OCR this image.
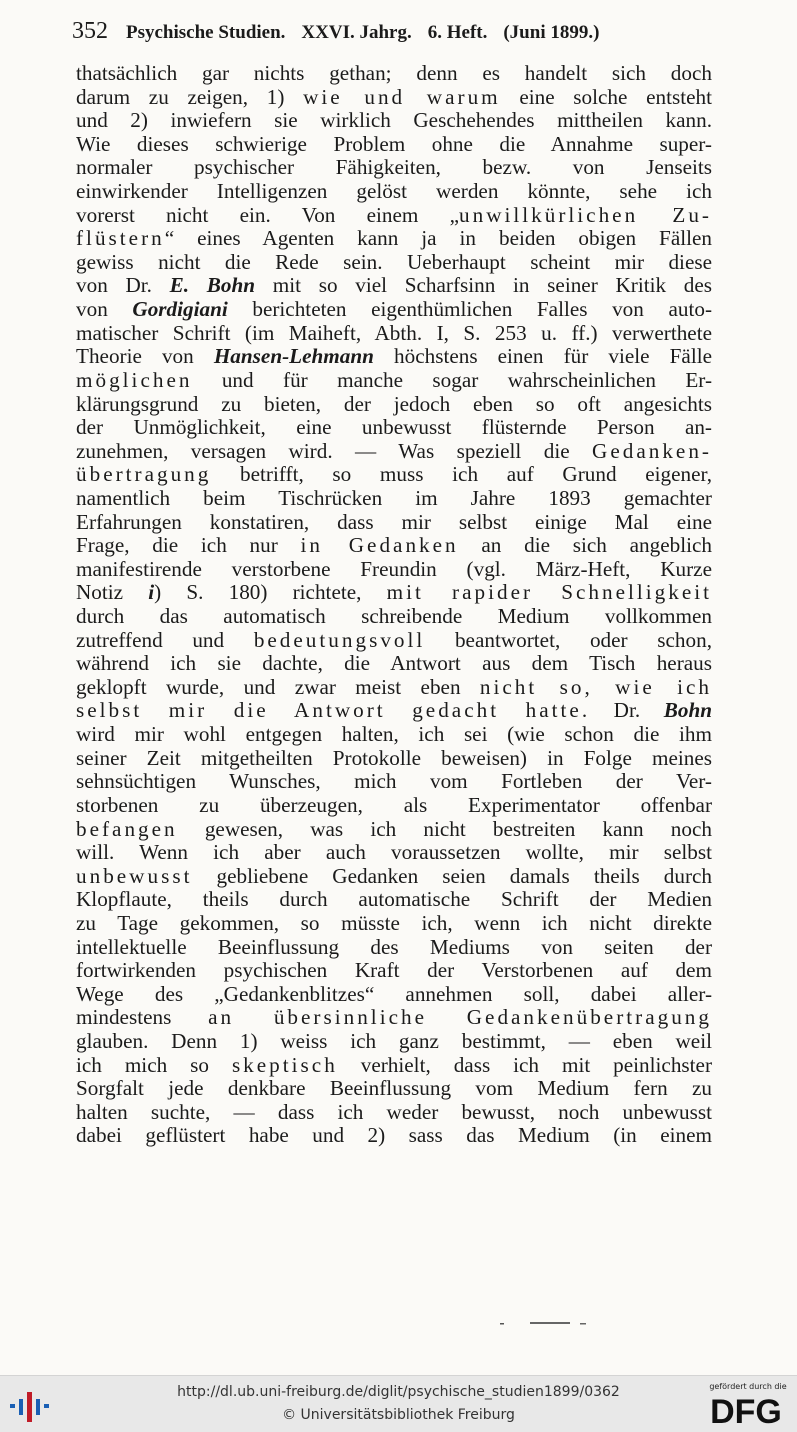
352 Psychische Studien. XXVI. Jahrg. 6. Heft. (Juni 1899.)
thatsächlich gar nichts gethan; denn es handelt sich doch
darum zu zeigen, 1) wie und warum eine solche entsteht
und 2) inwiefern sie wirklich Geschehendes mittheilen kann.
Wie dieses schwierige Problem ohne die Annahme super-
normaler psychischer Fähigkeiten, bezw. von Jenseits
einwirkender Intelligenzen gelöst werden könnte, sehe ich
vorerst nicht ein. Von einem „unwillkürlichen Zu-
flüstern“ eines Agenten kann ja in beiden obigen Fällen
gewiss nicht die Rede sein. Ueberhaupt scheint mir diese
von Dr. E. Bohn mit so viel Scharfsinn in seiner Kritik des
von Gordigiani berichteten eigenthümlichen Falles von auto-
matischer Schrift (im Maiheft, Abth. I, S. 253 u. ff.) verwerthete
Theorie von Hansen-Lehmann höchstens einen für viele Fälle
möglichen und für manche sogar wahrscheinlichen Er-
klärungsgrund zu bieten, der jedoch eben so oft angesichts
der Unmöglichkeit, eine unbewusst flüsternde Person an-
zunehmen, versagen wird. — Was speziell die Gedanken-
übertragung betrifft, so muss ich auf Grund eigener,
namentlich beim Tischrücken im Jahre 1893 gemachter
Erfahrungen konstatiren, dass mir selbst einige Mal eine
Frage, die ich nur in Gedanken an die sich angeblich
manifestirende verstorbene Freundin (vgl. März-Heft, Kurze
Notiz i) S. 180) richtete, mit rapider Schnelligkeit
durch das automatisch schreibende Medium vollkommen
zutreffend und bedeutungsvoll beantwortet, oder schon,
während ich sie dachte, die Antwort aus dem Tisch heraus
geklopft wurde, und zwar meist eben nicht so, wie ich
selbst mir die Antwort gedacht hatte. Dr. Bohn
wird mir wohl entgegen halten, ich sei (wie schon die ihm
seiner Zeit mitgetheilten Protokolle beweisen) in Folge meines
sehnsüchtigen Wunsches, mich vom Fortleben der Ver-
storbenen zu überzeugen, als Experimentator offenbar
befangen gewesen, was ich nicht bestreiten kann noch
will. Wenn ich aber auch voraussetzen wollte, mir selbst
unbewusst gebliebene Gedanken seien damals theils durch
Klopflaute, theils durch automatische Schrift der Medien
zu Tage gekommen, so müsste ich, wenn ich nicht direkte
intellektuelle Beeinflussung des Mediums von seiten der
fortwirkenden psychischen Kraft der Verstorbenen auf dem
Wege des „Gedankenblitzes“ annehmen soll, dabei aller-
mindestens an übersinnliche Gedankenübertragung
glauben. Denn 1) weiss ich ganz bestimmt, — eben weil
ich mich so skeptisch verhielt, dass ich mit peinlichster
Sorgfalt jede denkbare Beeinflussung vom Medium fern zu
halten suchte, — dass ich weder bewusst, noch unbewusst
dabei geflüstert habe und 2) sass das Medium (in einem
http://dl.ub.uni-freiburg.de/diglit/psychische_studien1899/0362
© Universitätsbibliothek Freiburg
gefördert durch die
DFG
